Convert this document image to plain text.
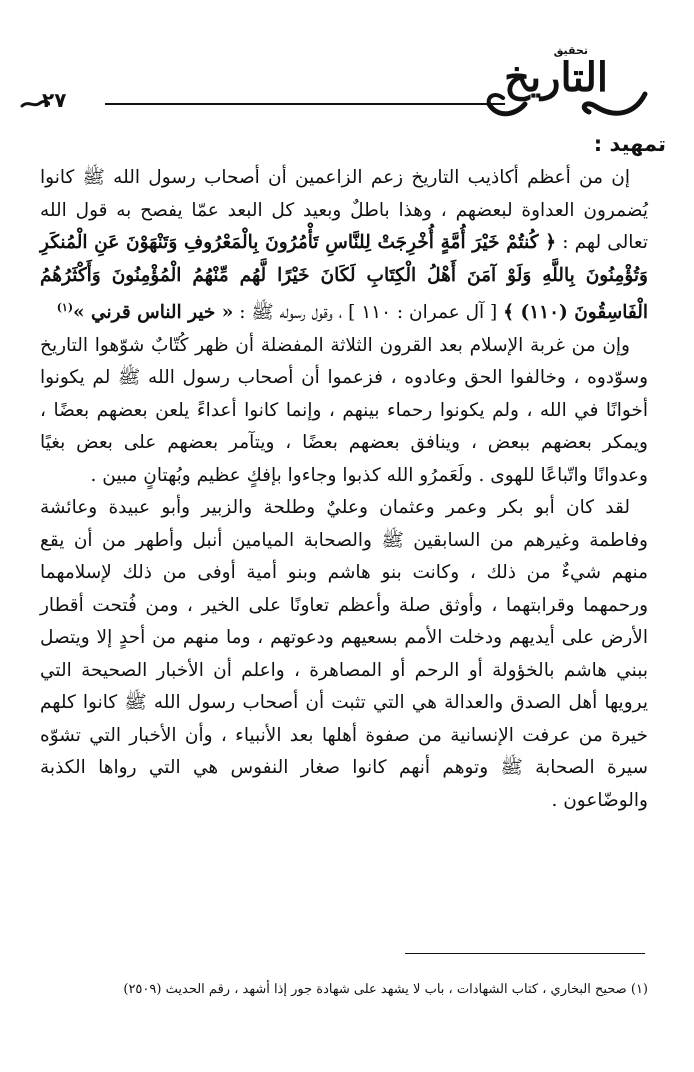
تحقيق
التاريخ
٢٧

تمهيد :

إن من أعظم أكاذيب التاريخ زعم الزاعمين أن أصحاب رسول الله ﷺ كانوا يُضمرون العداوة لبعضهم ، وهذا باطلٌ وبعيد كل البعد عمّا يفصح به قول الله تعالى لهم : ﴿ كُنتُمْ خَيْرَ أُمَّةٍ أُخْرِجَتْ لِلنَّاسِ تَأْمُرُونَ بِالْمَعْرُوفِ وَتَنْهَوْنَ عَنِ الْمُنكَرِ وَتُؤْمِنُونَ بِاللَّهِ وَلَوْ آمَنَ أَهْلُ الْكِتَابِ لَكَانَ خَيْرًا لَّهُم مِّنْهُمُ الْمُؤْمِنُونَ وَأَكْثَرُهُمُ الْفَاسِقُونَ (١١٠) ﴾ [ آل عمران : ١١٠ ] ، وقول رسوله ﷺ : « خير الناس قرني »$^{(١)}$

وإن من غربة الإسلام بعد القرون الثلاثة المفضلة أن ظهر كُتّابٌ شوّهوا التاريخ وسوّدوه ، وخالفوا الحق وعادوه ، فزعموا أن أصحاب رسول الله ﷺ لم يكونوا أخوانًا في الله ، ولم يكونوا رحماء بينهم ، وإنما كانوا أعداءً يلعن بعضهم بعضًا ، ويمكر بعضهم ببعض ، وينافق بعضهم بعضًا ، ويتآمر بعضهم على بعض بغيًا وعدوانًا واتّباعًا للهوى . ولَعَمرُو الله كذبوا وجاءوا بإفكٍ عظيم وبُهتانٍ مبين .

لقد كان أبو بكر وعمر وعثمان وعليٌ وطلحة والزبير وأبو عبيدة وعائشة وفاطمة وغيرهم من السابقين ﷺ والصحابة الميامين أنبل وأطهر من أن يقع منهم شيءٌ من ذلك ، وكانت بنو هاشم وبنو أمية أوفى من ذلك لإسلامهما ورحمهما وقرابتهما ، وأوثق صلة وأعظم تعاونًا على الخير ، ومن فُتحت أقطار الأرض على أيديهم ودخلت الأمم بسعيهم ودعوتهم ، وما منهم من أحدٍ إلا ويتصل ببني هاشم بالخؤولة أو الرحم أو المصاهرة ، واعلم أن الأخبار الصحيحة التي يرويها أهل الصدق والعدالة هي التي تثبت أن أصحاب رسول الله ﷺ كانوا كلهم خيرة من عرفت الإنسانية من صفوة أهلها بعد الأنبياء ، وأن الأخبار التي تشوّه سيرة الصحابة ﷺ وتوهم أنهم كانوا صغار النفوس هي التي رواها الكذبة والوضّاعون .

(١) صحيح البخاري ، كتاب الشهادات ، باب لا يشهد على شهادة جور إذا أشهد ، رقم الحديث (٢٥٠٩)
